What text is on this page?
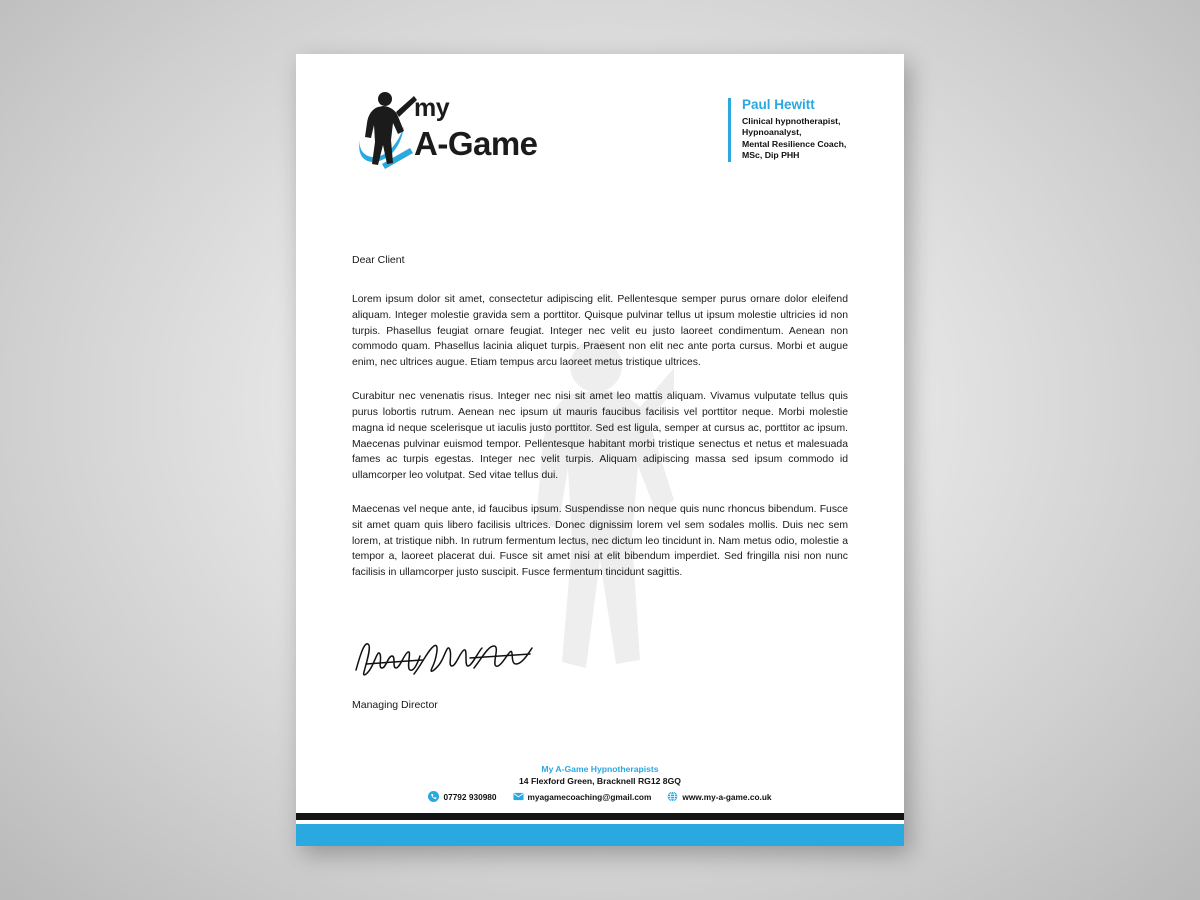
my
A-Game
Paul Hewitt
Clinical hypnotherapist,
Hypnoanalyst,
Mental Resilience Coach,
MSc, Dip PHH
Dear Client

Lorem ipsum dolor sit amet, consectetur adipiscing elit. Pellentesque semper purus ornare dolor eleifend aliquam. Integer molestie gravida sem a porttitor. Quisque pulvinar tellus ut ipsum molestie ultricies id non turpis. Phasellus feugiat ornare feugiat. Integer nec velit eu justo laoreet condimentum. Aenean non commodo quam. Phasellus lacinia aliquet turpis. Praesent non elit nec ante porta cursus. Morbi et augue enim, nec ultrices augue. Etiam tempus arcu laoreet metus tristique ultrices.

Curabitur nec venenatis risus. Integer nec nisi sit amet leo mattis aliquam. Vivamus vulputate tellus quis purus lobortis rutrum. Aenean nec ipsum ut mauris faucibus facilisis vel porttitor neque. Morbi molestie magna id neque scelerisque ut iaculis justo porttitor. Sed est ligula, semper at cursus ac, porttitor ac ipsum. Maecenas pulvinar euismod tempor. Pellentesque habitant morbi tristique senectus et netus et malesuada fames ac turpis egestas. Integer nec velit turpis. Aliquam adipiscing massa sed ipsum commodo id ullamcorper leo volutpat. Sed vitae tellus dui.

Maecenas vel neque ante, id faucibus ipsum. Suspendisse non neque quis nunc rhoncus bibendum. Fusce sit amet quam quis libero facilisis ultrices. Donec dignissim lorem vel sem sodales mollis. Duis nec sem lorem, at tristique nibh. In rutrum fermentum lectus, nec dictum leo tincidunt in. Nam metus odio, molestie a tempor a, laoreet placerat dui. Fusce sit amet nisi at elit bibendum imperdiet. Sed fringilla nisi non nunc facilisis in ullamcorper justo suscipit. Fusce fermentum tincidunt sagittis.

Managing Director
My A-Game Hypnotherapists
14 Flexford Green, Bracknell RG12 8GQ
07792 930980	myagamecoaching@gmail.com	www.my-a-game.co.uk
